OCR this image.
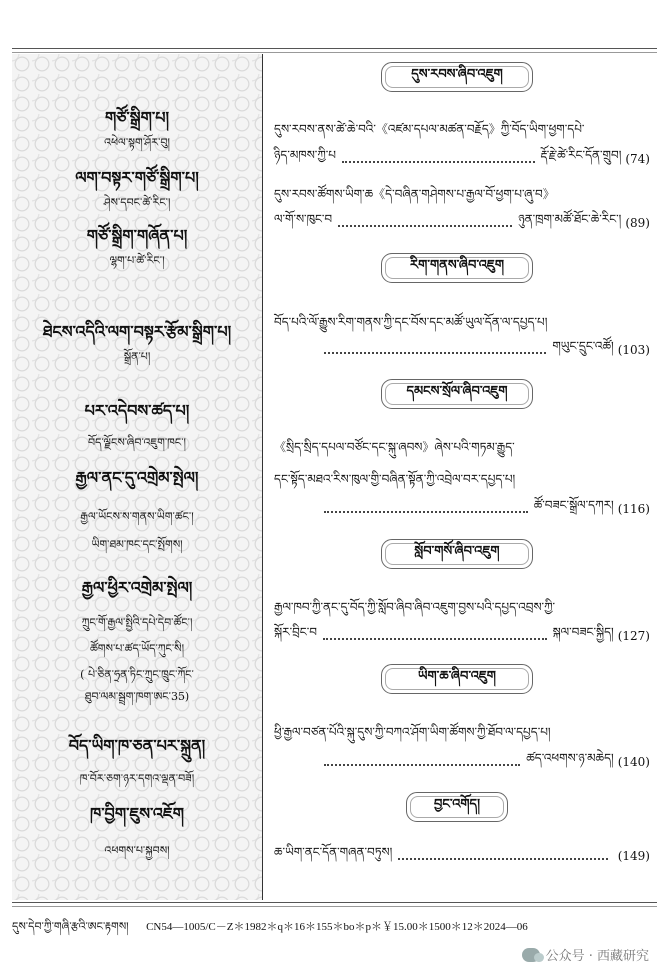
གཙོ་སྒྲིག་པ།
འཕེལ་སྟག་ཤོར་བུ།
ལག་བསྟར་གཙོ་སྒྲིག་པ།
ཤེས་དབང་ཚེ་རིང་།
གཙོ་སྒྲིག་གཞོན་པ།
ལྷག་པ་ཚེ་རིང་།
ཐེངས་འདིའི་ལག་བསྟར་རྩོམ་སྒྲིག་པ།
སྒྲོན་པ།
པར་འདེབས་ཚད་པ།
བོད་ལྗོངས་ཞིབ་འཇུག་ཁང་།
རྒྱལ་ནང་དུ་འགྲེམ་སྤེལ།
རྒྱལ་ཡོངས་ས་གནས་ཡིག་ཚང་།
ཡིག་ཐམ་ཁང་དང་སྤོགས།
རྒྱལ་ཕྱིར་འགྲེམ་སྤེལ།
ཀྲུང་གོ་རྒྱལ་སྤྱིའི་དཔེ་དེབ་ཚོང་།
ཚོགས་པ་ཚད་ཡོད་ཀུང་སི།
( པེ་ཅིན་ཧྲན་ཏིང་ཀྲུང་ཁྲུང་ཀོང་
ཐུབ་ལམ་སྦྲག་ཁག་ཨང་35)
བོད་ཡིག་ཁ་ཅན་པར་སྐྲུན།
ཁ་བོར་ཅག་ཉར་དགའ་ལྡན་བཟོ།
ཁ་བྱིག་ཇུས་འཇོག
འཕགས་པ་སྐྱབས།
དུས་རབས་ཞིབ་འཇུག
དུས་རབས་ནས་ཚེ་ཆེ་བའི་《འཛམ་དཔལ་མཚན་བརྗོད》ཀྱི་བོད་ཡིག་ཕྱག་དཔེ་
ཉིད་མཁས་ཀྱི་པ	རྡོ་རྗེ་ཚེ་རིང་དོན་གྲུབ། (74)
དུས་རབས་ཚོགས་ཡིག་ཆ《དེ་བཞིན་གཤེགས་པ་རྒྱལ་བོ་ཕྱག་པ་ཞུ་བ》
ལ་གོ་ས་ཁུང་བ	ཉུན་ཁྲག་མཚོ་ཐོང་ཆེ་རིང་། (89)
རིག་གནས་ཞིབ་འཇུག
བོད་པའི་ལོ་རྒྱུས་རིག་གནས་ཀྱི་དང་བོས་དང་མཚོ་ཡུལ་དོན་ལ་དཔྱད་པ།
གཡུང་དྲུང་འཚོ། (103)
དམངས་སྲོལ་ཞིབ་འཇུག
《སྲིད་སྲིད་དཔལ་བཙོང་དང་སྐུ་ཞབས》ཞེས་པའི་གཏམ་རྒྱུད་
དང་སྟོད་མཐའ་རིས་ཁུལ་གྱི་བཞིན་སྟོན་ཀྱི་འབྲེལ་བར་དཔྱད་པ།
ཚོ་བཟང་སྒྲོལ་དཀར། (116)
སློབ་གསོ་ཞིབ་འཇུག
རྒྱལ་ཁབ་ཀྱི་ནང་དུ་བོད་ཀྱི་སློབ་ཞིབ་ཞིབ་འཇུག་བྱས་པའི་དཔྱད་འབྲས་ཀྱི་
སྐོར་བྲིང་བ	སྐལ་བཟང་སྐྱིད། (127)
ཡིག་ཆ་ཞིབ་འཇུག
ཕྱི་རྒྱལ་བཙན་པོའི་སྐུ་དུས་ཀྱི་བཀའ་ཤོག་ཡིག་ཚོགས་ཀྱི་ཐོབ་ལ་དཔྱད་པ།
ཚད་འཕགས་ཉ་མཆེད། (140)
བྱང་འགོད།
ཆ་ཡིག་ནང་དོན་གཞན་བཏུས།	(149)
དུས་དེབ་ཀྱི་གཞི་རྩའི་ཨང་རྟགས། CN54—1005/C－Z＊1982＊q＊16＊155＊bo＊p＊￥15.00＊1500＊12＊2024—06
公众号 · 西藏研究
